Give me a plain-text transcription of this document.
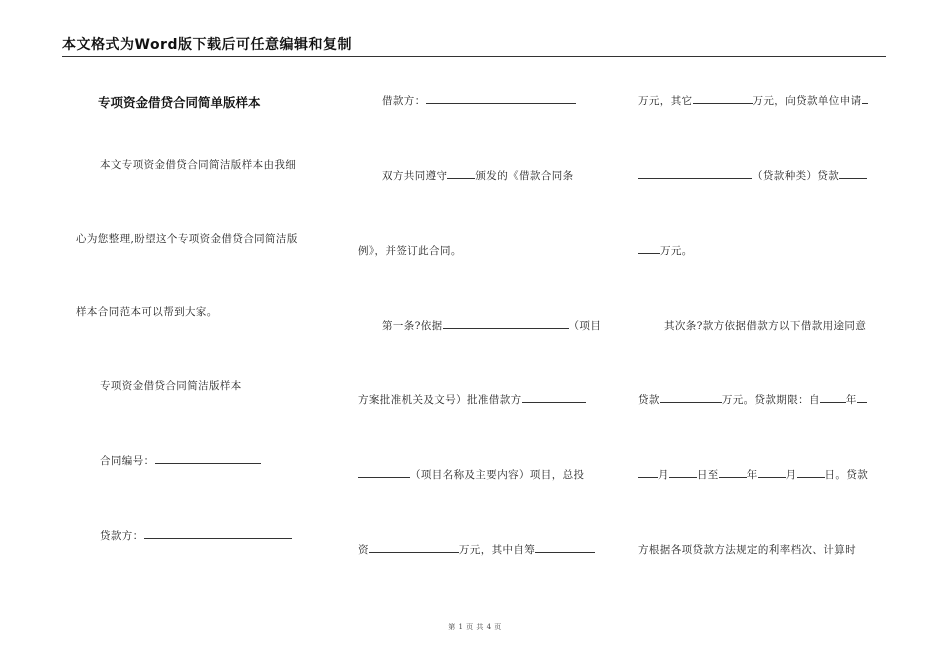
本文格式为Word版下载后可任意编辑和复制
专项资金借贷合同简单版样本
本文专项资金借贷合同简洁版样本由我细
心为您整理,盼望这个专项资金借贷合同简洁版
样本合同范本可以帮到大家。
专项资金借贷合同简洁版样本
合同编号：
贷款方：
借款方：
双方共同遵守	颁发的《借款合同条
例》，并签订此合同。
第一条?依据	（项目
方案批准机关及文号）批准借款方
（项目名称及主要内容）项目，总投
资	万元，其中自筹
万元，其它	万元，向贷款单位申请
（贷款种类）贷款
万元。
其次条?款方依据借款方以下借款用途同意
贷款	万元。贷款期限：自 年
月	日至	年	月	日。贷款
方根据各项贷款方法规定的利率档次、计算时
第 1 页 共 4 页
